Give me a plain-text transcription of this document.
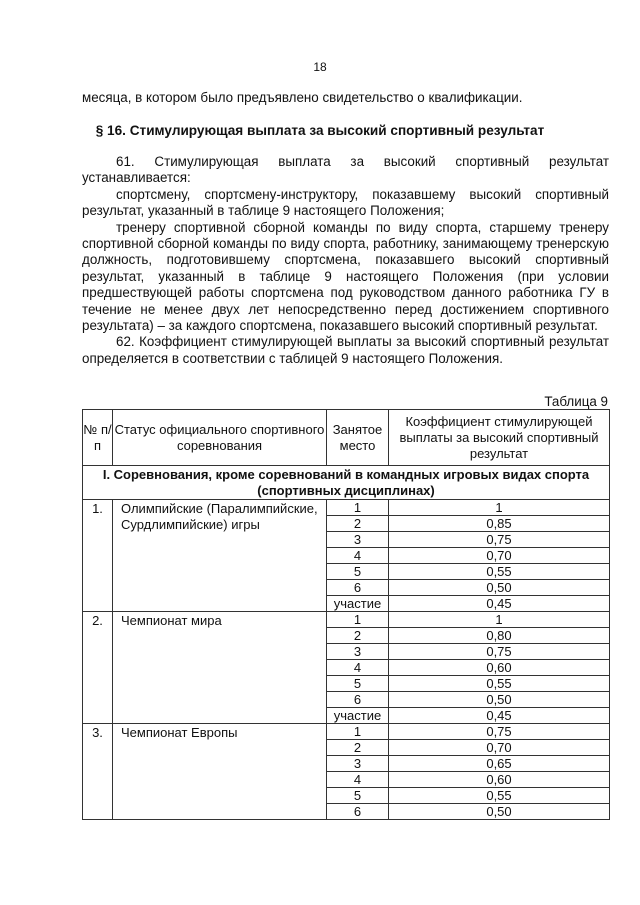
18
месяца, в котором было предъявлено свидетельство о квалификации.
§ 16. Стимулирующая выплата за высокий спортивный результат

61. Стимулирующая выплата за высокий спортивный результат устанавливается:

спортсмену, спортсмену-инструктору, показавшему высокий спортивный результат, указанный в таблице 9 настоящего Положения;

тренеру спортивной сборной команды по виду спорта, старшему тренеру спортивной сборной команды по виду спорта, работнику, занимающему тренерскую должность, подготовившему спортсмена, показавшего высокий спортивный результат, указанный в таблице 9 настоящего Положения (при условии предшествующей работы спортсмена под руководством данного работника ГУ в течение не менее двух лет непосредственно перед достижением спортивного результата) – за каждого спортсмена, показавшего высокий спортивный результат.

62. Коэффициент стимулирующей выплаты за высокий спортивный результат определяется в соответствии с таблицей 9 настоящего Положения.

Таблица 9
№ п/п	Статус официального спортивного соревнования	Занятое место	Коэффициент стимулирующей выплаты за высокий спортивный результат
I. Соревнования, кроме соревнований в командных игровых видах спорта (спортивных дисциплинах)			
1.	Олимпийские (Паралимпийские, Сурдлимпийские) игры	1	1
		2	0,85
		3	0,75
		4	0,70
		5	0,55
		6	0,50
		участие	0,45
2.	Чемпионат мира	1	1
		2	0,80
		3	0,75
		4	0,60
		5	0,55
		6	0,50
		участие	0,45
3.	Чемпионат Европы	1	0,75
		2	0,70
		3	0,65
		4	0,60
		5	0,55
		6	0,50
